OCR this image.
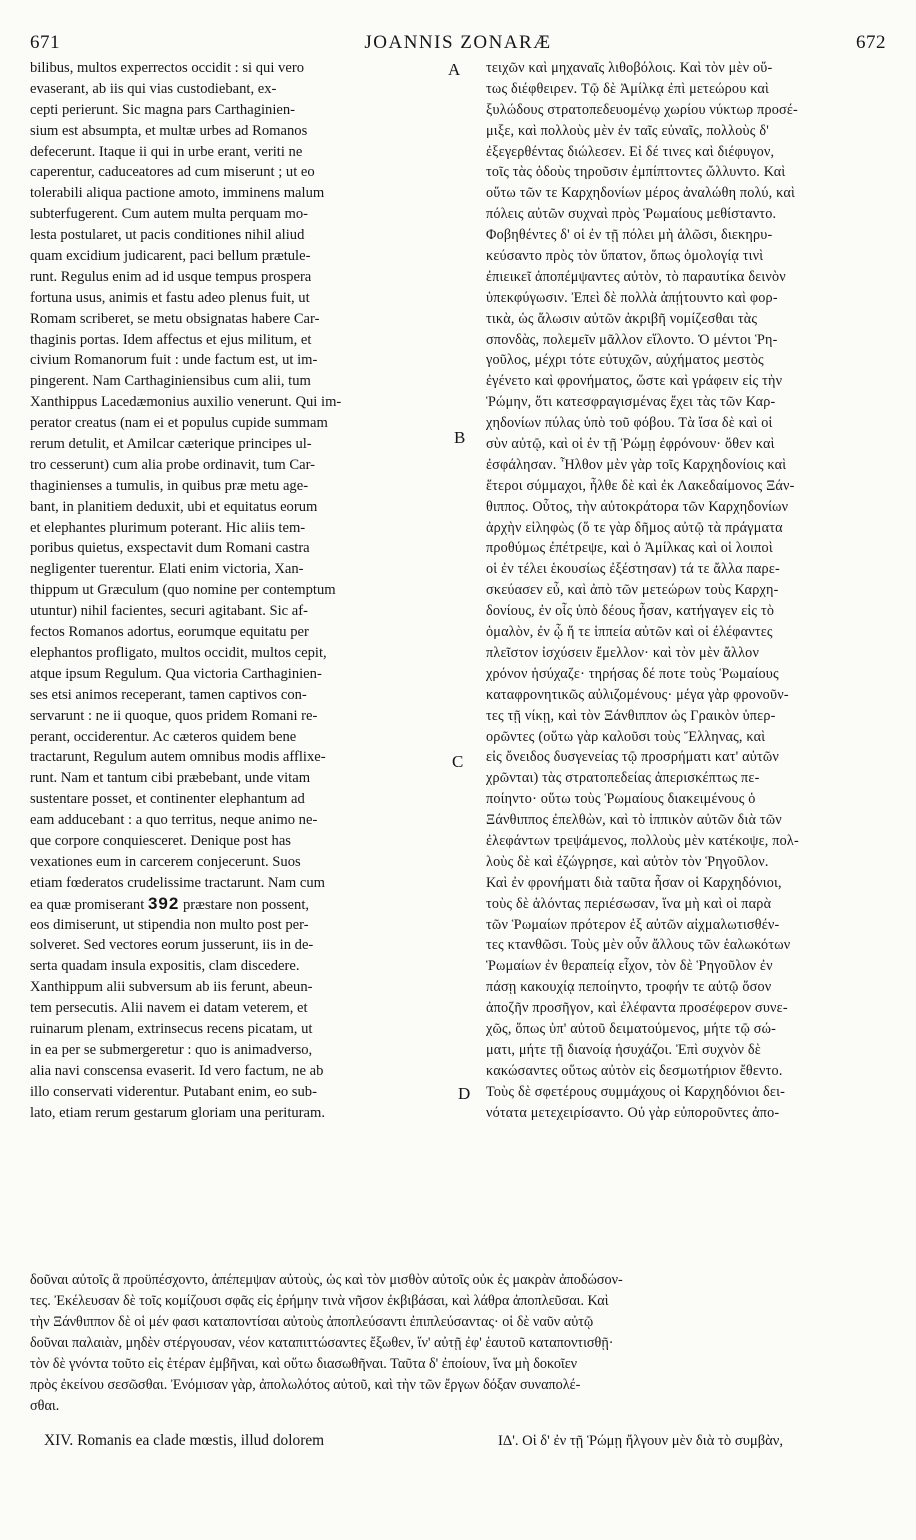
671	JOANNIS ZONARÆ	672
bilibus, multos experrectos occidit : si qui vero
evaserant, ab iis qui vias custodiebant, ex-
cepti perierunt. Sic magna pars Carthaginien-
sium est absumpta, et multæ urbes ad Romanos
defecerunt. Itaque ii qui in urbe erant, veriti ne
caperentur, caduceatores ad cum miserunt ; ut eo
tolerabili aliqua pactione amoto, imminens malum
subterfugerent. Cum autem multa perquam mo-
lesta postularet, ut pacis conditiones nihil aliud
quam excidium judicarent, paci bellum prætule-
runt. Regulus enim ad id usque tempus prospera
fortuna usus, animis et fastu adeo plenus fuit, ut
Romam scriberet, se metu obsignatas habere Car-
thaginis portas. Idem affectus et ejus militum, et
civium Romanorum fuit : unde factum est, ut im-
pingerent. Nam Carthaginiensibus cum alii, tum
Xanthippus Lacedæmonius auxilio venerunt. Qui im-
perator creatus (nam ei et populus cupide summam
rerum detulit, et Amilcar cæterique principes ul-
tro cesserunt) cum alia probe ordinavit, tum Car-
thaginienses a tumulis, in quibus præ metu age-
bant, in planitiem deduxit, ubi et equitatus eorum
et elephantes plurimum poterant. Hic aliis tem-
poribus quietus, exspectavit dum Romani castra
negligenter tuerentur. Elati enim victoria, Xan-
thippum ut Græculum (quo nomine per contemptum
utuntur) nihil facientes, securi agitabant. Sic af-
fectos Romanos adortus, eorumque equitatu per
elephantos profligato, multos occidit, multos cepit,
atque ipsum Regulum. Qua victoria Carthaginien-
ses etsi animos receperant, tamen captivos con-
servarunt : ne ii quoque, quos pridem Romani re-
perant, occiderentur. Ac cæteros quidem bene
tractarunt, Regulum autem omnibus modis afflixe-
runt. Nam et tantum cibi præbebant, unde vitam
sustentare posset, et continenter elephantum ad
eam adducebant : a quo territus, neque animo ne-
que corpore conquiesceret. Denique post has
vexationes eum in carcerem conjecerunt. Suos
etiam fœderatos crudelissime tractarunt. Nam cum
ea quæ promiserant 392 præstare non possent,
eos dimiserunt, ut stipendia non multo post per-
solveret. Sed vectores eorum jusserunt, iis in de-
serta quadam insula expositis, clam discedere.
Xanthippum alii subversum ab iis ferunt, abeun-
tem persecutis. Alii navem ei datam veterem, et
ruinarum plenam, extrinsecus recens picatam, ut
in ea per se submergeretur : quo is animadverso,
alia navi conscensa evaserit. Id vero factum, ne ab
illo conservati viderentur. Putabant enim, eo sub-
lato, etiam rerum gestarum gloriam una perituram.
τειχῶν καὶ μηχαναῖς λιθοβόλοις. Καὶ τὸν μὲν οὕ-
τως διέφθειρεν. Τῷ δὲ Ἀμίλκᾳ ἐπὶ μετεώρου καὶ
ξυλώδους στρατοπεδευομένῳ χωρίου νύκτωρ προσέ-
μιξε, καὶ πολλοὺς μὲν ἐν ταῖς εὐναῖς, πολλοὺς δ'
ἐξεγερθέντας διώλεσεν. Εἰ δέ τινες καὶ διέφυγον,
τοῖς τὰς ὁδοὺς τηροῦσιν ἐμπίπτοντες ὤλλυντο. Καὶ
οὕτω τῶν τε Καρχηδονίων μέρος ἀναλώθη πολύ, καὶ
πόλεις αὐτῶν συχναὶ πρὸς Ῥωμαίους μεθίσταντο.
Φοβηθέντες δ' οἱ ἐν τῇ πόλει μὴ ἁλῶσι, διεκηρυ-
κεύσαντο πρὸς τὸν ὕπατον, ὅπως ὁμολογίᾳ τινὶ
ἐπιεικεῖ ἀποπέμψαντες αὐτὸν, τὸ παραυτίκα δεινὸν
ὑπεκφύγωσιν. Ἐπεὶ δὲ πολλὰ ἀπῄτουντο καὶ φορ-
τικὰ, ὡς ἅλωσιν αὐτῶν ἀκριβῆ νομίζεσθαι τὰς
σπονδὰς, πολεμεῖν μᾶλλον εἵλοντο. Ὁ μέντοι Ῥη-
γοῦλος, μέχρι τότε εὐτυχῶν, αὐχήματος μεστὸς
ἐγένετο καὶ φρονήματος, ὥστε καὶ γράφειν εἰς τὴν
Ῥώμην, ὅτι κατεσφραγισμένας ἔχει τὰς τῶν Καρ-
χηδονίων πύλας ὑπὸ τοῦ φόβου. Τὰ ἴσα δὲ καὶ οἱ
σὺν αὐτῷ, καὶ οἱ ἐν τῇ Ῥώμῃ ἐφρόνουν· ὅθεν καὶ
ἐσφάλησαν. Ἦλθον μὲν γὰρ τοῖς Καρχηδονίοις καὶ
ἕτεροι σύμμαχοι, ἦλθε δὲ καὶ ἐκ Λακεδαίμονος Ξάν-
θιππος. Οὗτος, τὴν αὐτοκράτορα τῶν Καρχηδονίων
ἀρχὴν εἰληφὼς (ὅ τε γὰρ δῆμος αὐτῷ τὰ πράγματα
προθύμως ἐπέτρεψε, καὶ ὁ Ἀμίλκας καὶ οἱ λοιποὶ
οἱ ἐν τέλει ἑκουσίως ἐξέστησαν) τά τε ἄλλα παρε-
σκεύασεν εὖ, καὶ ἀπὸ τῶν μετεώρων τοὺς Καρχη-
δονίους, ἐν οἷς ὑπὸ δέους ἦσαν, κατήγαγεν εἰς τὸ
ὁμαλὸν, ἐν ᾧ ἥ τε ἱππεία αὐτῶν καὶ οἱ ἐλέφαντες
πλεῖστον ἰσχύσειν ἔμελλον· καὶ τὸν μὲν ἄλλον
χρόνον ἡσύχαζε· τηρήσας δέ ποτε τοὺς Ῥωμαίους
καταφρονητικῶς αὐλιζομένους· μέγα γὰρ φρονοῦν-
τες τῇ νίκῃ, καὶ τὸν Ξάνθιππον ὡς Γραικὸν ὑπερ-
ορῶντες (οὕτω γὰρ καλοῦσι τοὺς Ἕλληνας, καὶ
εἰς ὄνειδος δυσγενείας τῷ προσρήματι κατ' αὐτῶν
χρῶνται) τὰς στρατοπεδείας ἀπερισκέπτως πε-
ποίηντο· οὕτω τοὺς Ῥωμαίους διακειμένους ὁ
Ξάνθιππος ἐπελθὼν, καὶ τὸ ἱππικὸν αὐτῶν διὰ τῶν
ἐλεφάντων τρεψάμενος, πολλοὺς μὲν κατέκοψε, πολ-
λοὺς δὲ καὶ ἐζώγρησε, καὶ αὐτὸν τὸν Ῥηγοῦλον.
Καὶ ἐν φρονήματι διὰ ταῦτα ἦσαν οἱ Καρχηδόνιοι,
τοὺς δὲ ἁλόντας περιέσωσαν, ἵνα μὴ καὶ οἱ παρὰ
τῶν Ῥωμαίων πρότερον ἐξ αὐτῶν αἰχμαλωτισθέν-
τες κτανθῶσι. Τοὺς μὲν οὖν ἄλλους τῶν ἑαλωκότων
Ῥωμαίων ἐν θεραπείᾳ εἶχον, τὸν δὲ Ῥηγοῦλον ἐν
πάσῃ κακουχίᾳ πεποίηντο, τροφήν τε αὐτῷ ὅσον
ἀποζῆν προσῆγον, καὶ ἐλέφαντα προσέφερον συνε-
χῶς, ὅπως ὑπ' αὐτοῦ δειματούμενος, μήτε τῷ σώ-
ματι, μήτε τῇ διανοίᾳ ἡσυχάζοι. Ἐπὶ συχνὸν δὲ
κακώσαντες οὕτως αὐτὸν εἰς δεσμωτήριον ἔθεντο.
Τοὺς δὲ σφετέρους συμμάχους οἱ Καρχηδόνιοι δει-
νότατα μετεχειρίσαντο. Οὐ γὰρ εὐποροῦντες ἀπο-
A
B
C
D
δοῦναι αὐτοῖς ἃ προϋπέσχοντο, ἀπέπεμψαν αὐτοὺς, ὡς καὶ τὸν μισθὸν αὐτοῖς οὐκ ἐς μακρὰν ἀποδώσον-
τες. Ἐκέλευσαν δὲ τοῖς κομίζουσι σφᾶς εἰς ἐρήμην τινὰ νῆσον ἐκβιβάσαι, καὶ λάθρα ἀποπλεῦσαι. Καὶ
τὴν Ξάνθιππον δὲ οἱ μέν φασι καταποντίσαι αὐτοὺς ἀποπλεύσαντι ἐπιπλεύσαντας· οἱ δὲ ναῦν αὐτῷ
δοῦναι παλαιὰν, μηδὲν στέργουσαν, νέον καταπιττώσαντες ἔξωθεν, ἵν' αὐτῇ ἐφ' ἑαυτοῦ καταποντισθῇ·
τὸν δὲ γνόντα τοῦτο εἰς ἑτέραν ἐμβῆναι, καὶ οὕτω διασωθῆναι. Ταῦτα δ' ἐποίουν, ἵνα μὴ δοκοῖεν
πρὸς ἐκείνου σεσῶσθαι. Ἐνόμισαν γὰρ, ἀπολωλότος αὐτοῦ, καὶ τὴν τῶν ἔργων δόξαν συναπολέ-
σθαι.
XIV. Romanis ea clade mœstis, illud dolorem	ΙΔ'. Οἱ δ' ἐν τῇ Ῥώμῃ ἤλγουν μὲν διὰ τὸ συμβὰν,
